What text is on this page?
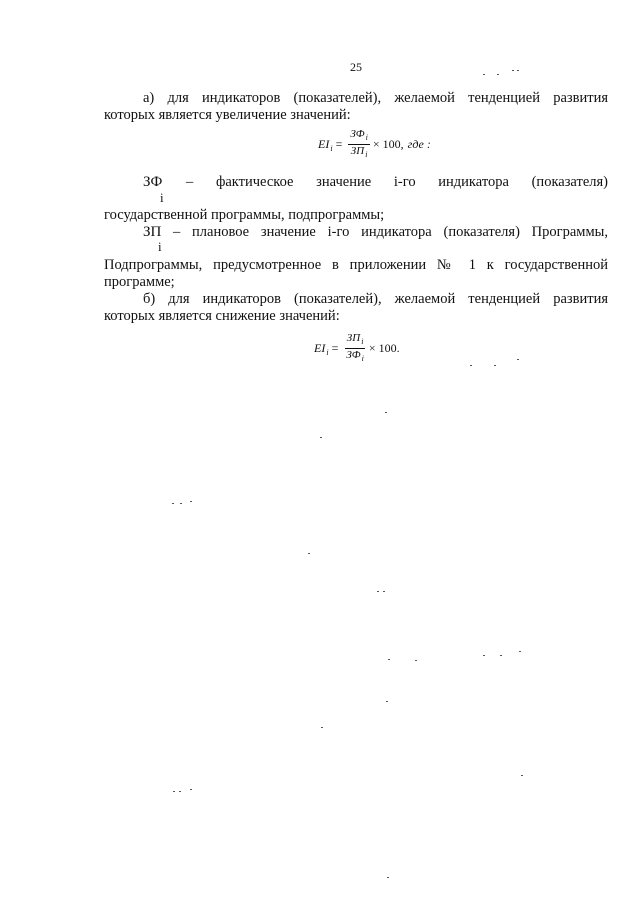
25
а) для индикаторов (показателей), желаемой тенденцией развития
которых является увеличение значений:
$EI_i = \frac{ЗФ_i}{ЗП_i} \times 100$, где :
ЗФ
i
– фактическое значение i-го индикатора (показателя)
государственной программы, подпрограммы;
ЗП
i
– плановое значение i-го индикатора (показателя) Программы,
Подпрограммы, предусмотренное в приложении № 1 к государственной
программе;
б) для индикаторов (показателей), желаемой тенденцией развития
которых является снижение значений:
$EI_i = \frac{ЗП_i}{ЗФ_i} \times 100$.
